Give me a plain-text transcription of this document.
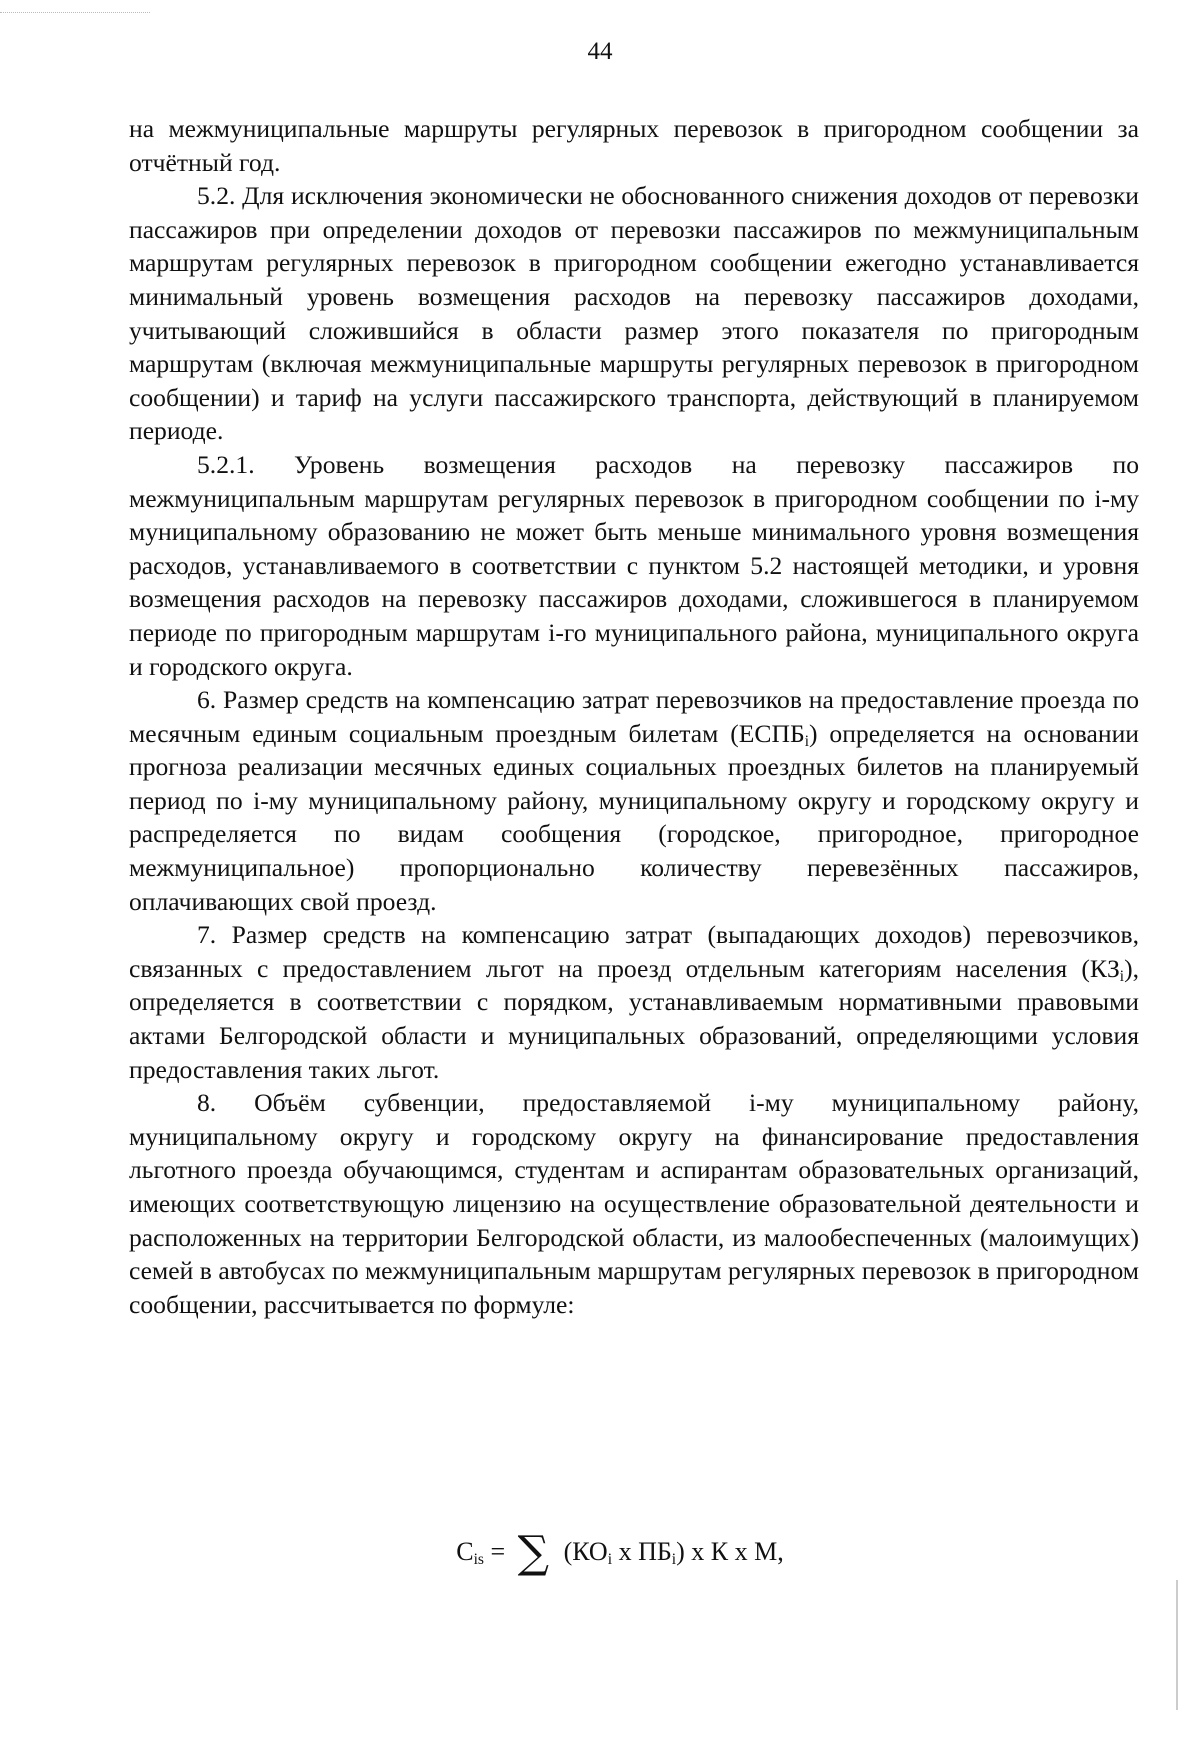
44

на межмуниципальные маршруты регулярных перевозок в пригородном сообщении за отчётный год.

5.2. Для исключения экономически не обоснованного снижения доходов от перевозки пассажиров при определении доходов от перевозки пассажиров по межмуниципальным маршрутам регулярных перевозок в пригородном сообщении ежегодно устанавливается минимальный уровень возмещения расходов на перевозку пассажиров доходами, учитывающий сложившийся в области размер этого показателя по пригородным маршрутам (включая межмуниципальные маршруты регулярных перевозок в пригородном сообщении) и тариф на услуги пассажирского транспорта, действующий в планируемом периоде.

5.2.1. Уровень возмещения расходов на перевозку пассажиров по межмуниципальным маршрутам регулярных перевозок в пригородном сообщении по i-му муниципальному образованию не может быть меньше минимального уровня возмещения расходов, устанавливаемого в соответствии с пунктом 5.2 настоящей методики, и уровня возмещения расходов на перевозку пассажиров доходами, сложившегося в планируемом периоде по пригородным маршрутам i-го муниципального района, муниципального округа и городского округа.

6. Размер средств на компенсацию затрат перевозчиков на предоставление проезда по месячным единым социальным проездным билетам $(ЕСПБ_i)$ определяется на основании прогноза реализации месячных единых социальных проездных билетов на планируемый период по i-му муниципальному району, муниципальному округу и городскому округу и распределяется по видам сообщения (городское, пригородное, пригородное межмуниципальное) пропорционально количеству перевезённых пассажиров, оплачивающих свой проезд.

7. Размер средств на компенсацию затрат (выпадающих доходов) перевозчиков, связанных с предоставлением льгот на проезд отдельным категориям населения $(КЗ_i)$, определяется в соответствии с порядком, устанавливаемым нормативными правовыми актами Белгородской области и муниципальных образований, определяющими условия предоставления таких льгот.

8. Объём субвенции, предоставляемой i-му муниципальному району, муниципальному округу и городскому округу на финансирование предоставления льготного проезда обучающимся, студентам и аспирантам образовательных организаций, имеющих соответствующую лицензию на осуществление образовательной деятельности и расположенных на территории Белгородской области, из малообеспеченных (малоимущих) семей в автобусах по межмуниципальным маршрутам регулярных перевозок в пригородном сообщении, рассчитывается по формуле:

$C_{is}$ = ∑ ($КО_i$ x $ПБ_i$) x К x М,
